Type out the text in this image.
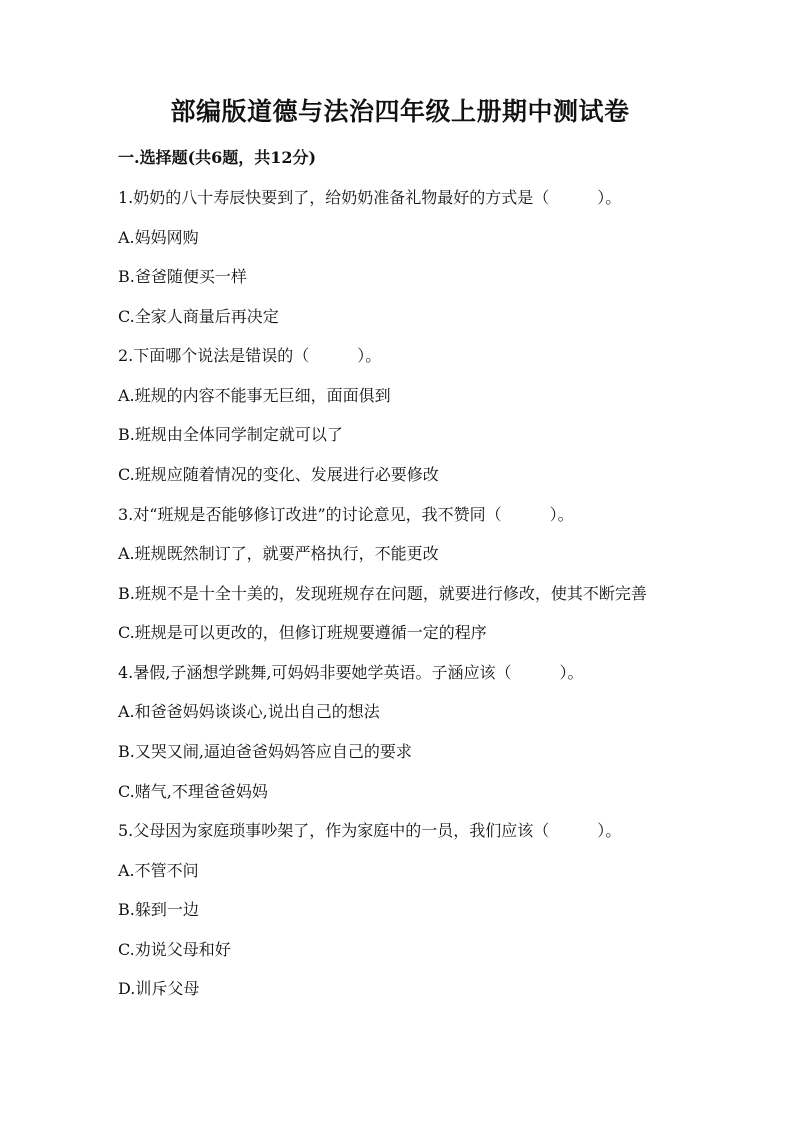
部编版道德与法治四年级上册期中测试卷
一.选择题(共6题，共12分)
1.奶奶的八十寿辰快要到了，给奶奶准备礼物最好的方式是（　　　）。
A.妈妈网购
B.爸爸随便买一样
C.全家人商量后再决定
2.下面哪个说法是错误的（　　　）。
A.班规的内容不能事无巨细，面面俱到
B.班规由全体同学制定就可以了
C.班规应随着情况的变化、发展进行必要修改
3.对“班规是否能够修订改进”的讨论意见，我不赞同（　　　）。
A.班规既然制订了，就要严格执行，不能更改
B.班规不是十全十美的，发现班规存在问题，就要进行修改，使其不断完善
C.班规是可以更改的，但修订班规要遵循一定的程序
4.暑假,子涵想学跳舞,可妈妈非要她学英语。子涵应该（　　　）。
A.和爸爸妈妈谈谈心,说出自己的想法
B.又哭又闹,逼迫爸爸妈妈答应自己的要求
C.赌气,不理爸爸妈妈
5.父母因为家庭琐事吵架了，作为家庭中的一员，我们应该（　　　）。
A.不管不问
B.躲到一边
C.劝说父母和好
D.训斥父母
